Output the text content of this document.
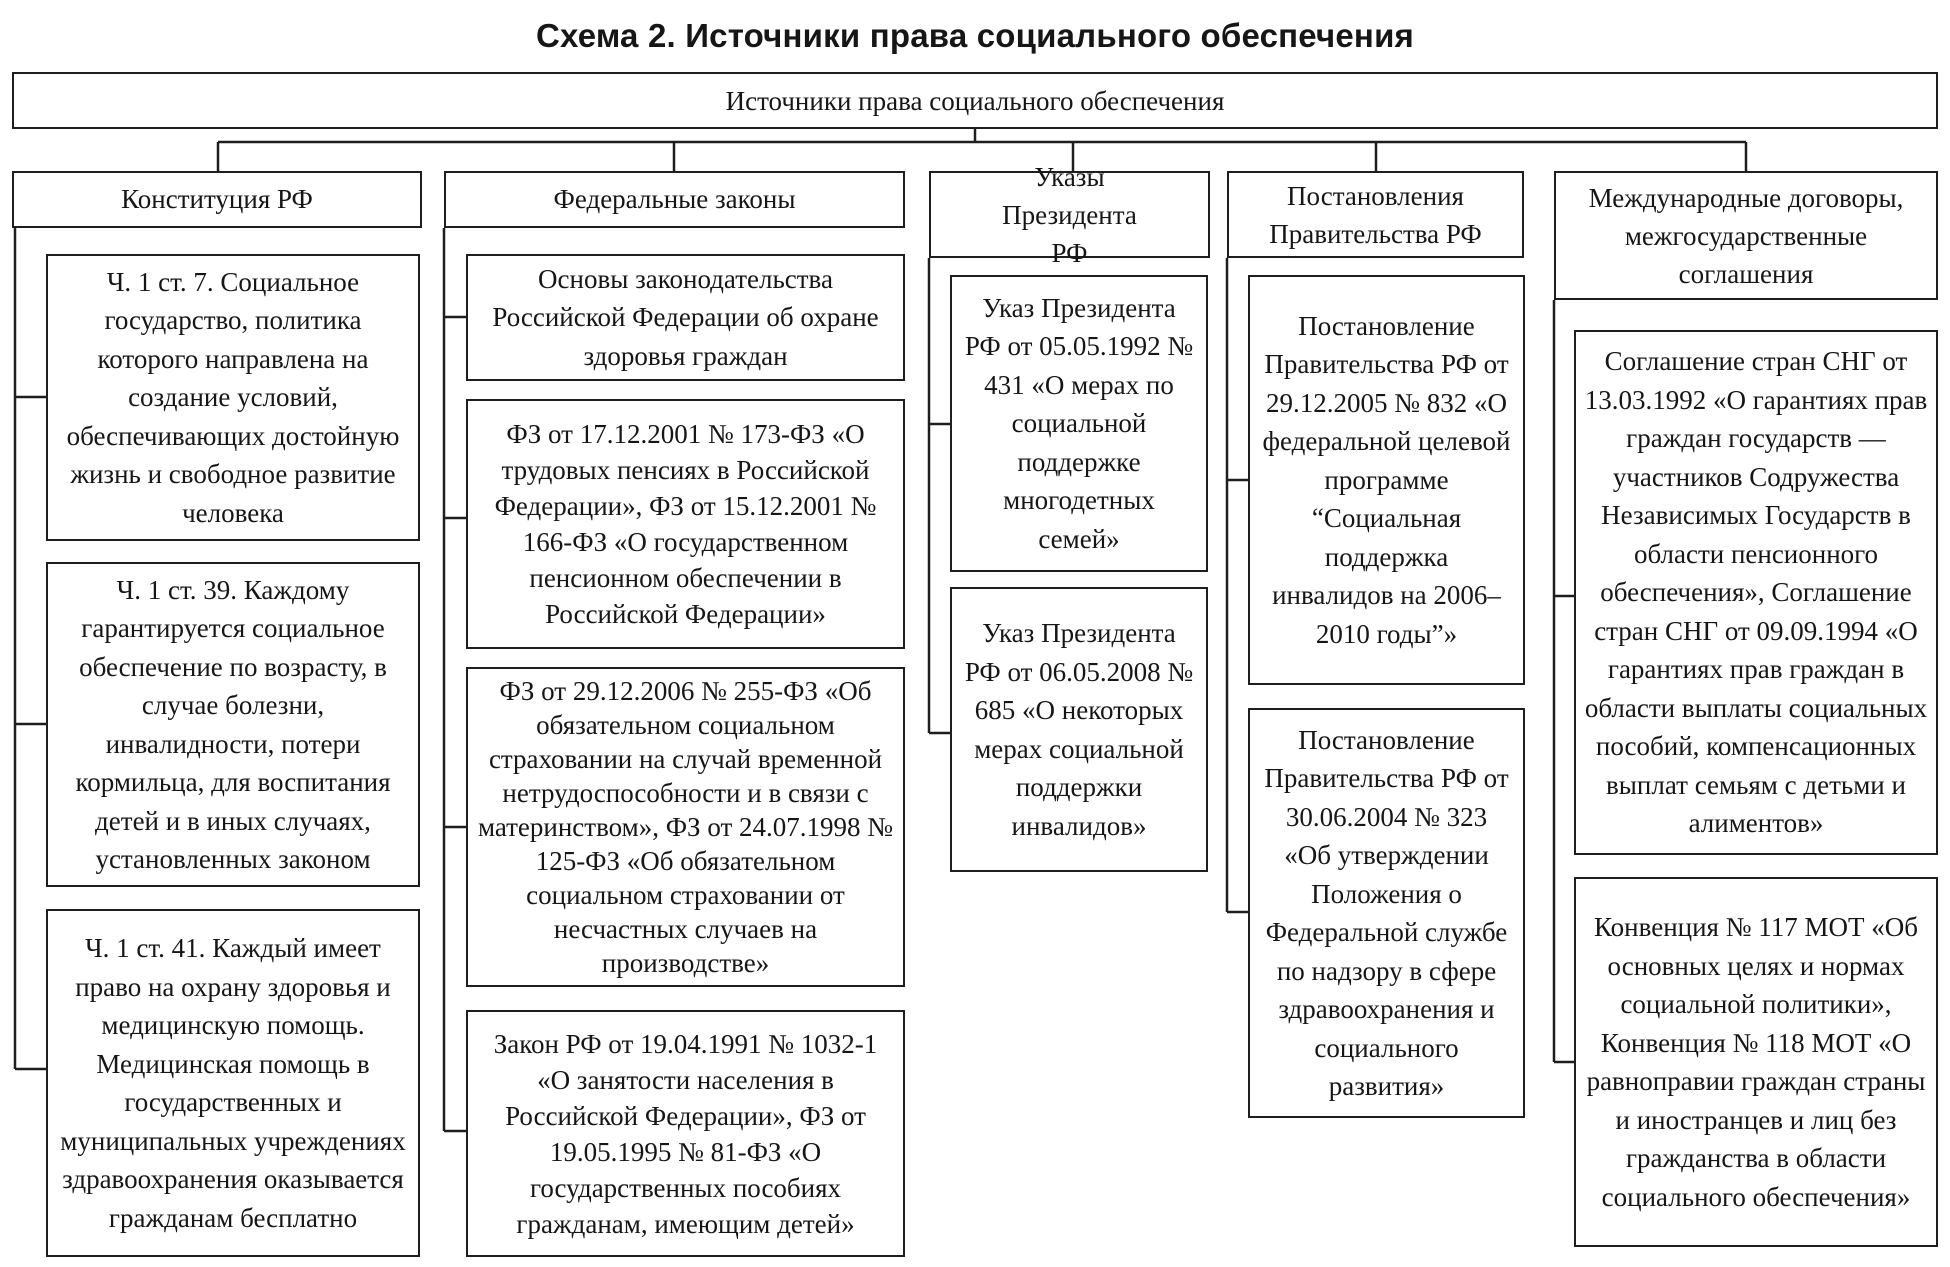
Схема 2. Источники права социального обеспечения
Источники права социального обеспечения
Конституция РФ	Федеральные законы
Указы Президента РФ
Постановления Правительства РФ
Международные договоры, межгосударственные соглашения
Ч. 1 ст. 7. Социальное государство, политика которого направлена на создание условий, обеспечивающих достойную жизнь и свободное развитие человека
Ч. 1 ст. 39. Каждому гарантируется социальное обеспечение по возрасту, в случае болезни, инвалидности, потери кормильца, для воспитания детей и в иных случаях, установленных законом
Ч. 1 ст. 41. Каждый имеет право на охрану здоровья и медицинскую помощь. Медицинская помощь в государственных и муниципальных учреждениях здравоохранения оказывается гражданам бесплатно
Основы законодательства Российской Федерации об охране здоровья граждан
ФЗ от 17.12.2001 № 173-ФЗ «О трудовых пенсиях в Российской Федерации», ФЗ от 15.12.2001 № 166-ФЗ «О государственном пенсионном обеспечении в Российской Федерации»
ФЗ от 29.12.2006 № 255-ФЗ «Об обязательном социальном страховании на случай временной нетрудоспособности и в связи с материнством», ФЗ от 24.07.1998 № 125-ФЗ «Об обязательном социальном страховании от несчастных случаев на производстве»
Закон РФ от 19.04.1991 № 1032-1 «О занятости населения в Российской Федерации», ФЗ от 19.05.1995 № 81-ФЗ «О государственных пособиях гражданам, имеющим детей»
Указ Президента РФ от 05.05.1992 № 431 «О мерах по социальной поддержке многодетных семей»
Указ Президента РФ от 06.05.2008 № 685 «О некоторых мерах социальной поддержки инвалидов»
Постановление Правительства РФ от 29.12.2005 № 832 «О федеральной целевой программе “Социальная поддержка инвалидов на 2006–2010 годы”»
Постановление Правительства РФ от 30.06.2004 № 323 «Об утверждении Положения о Федеральной службе по надзору в сфере здравоохранения и социального развития»
Соглашение стран СНГ от 13.03.1992 «О гарантиях прав граждан государств — участников Содружества Независимых Государств в области пенсионного обеспечения», Соглашение стран СНГ от 09.09.1994 «О гарантиях прав граждан в области выплаты социальных пособий, компенсационных выплат семьям с детьми и алиментов»
Конвенция № 117 МОТ «Об основных целях и нормах социальной политики», Конвенция № 118 МОТ «О равноправии граждан страны и иностранцев и лиц без гражданства в области социального обеспечения»
